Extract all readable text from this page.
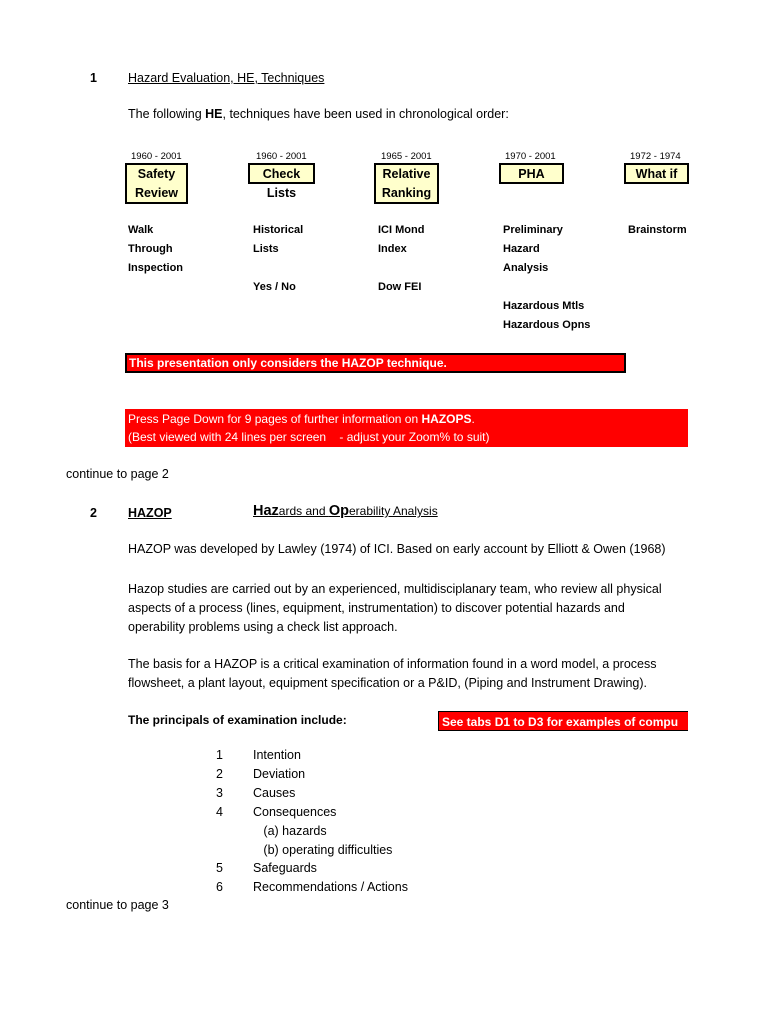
1 Hazard Evaluation, HE, Techniques
The following HE, techniques have been used in chronological order:
1960 - 2001
Safety
Review
1960 - 2001
Check Lists
1965 - 2001
Relative
Ranking
1970 - 2001
PHA
1972 - 1974
What if
Walk
Through
Inspection
Historical
Lists
Yes / No
ICI Mond
Index
Dow FEI
Preliminary
Hazard
Analysis
Hazardous Mtls
Hazardous Opns
Brainstorm
This presentation only considers the HAZOP technique.
Press Page Down for 9 pages of further information on HAZOPS.
(Best viewed with 24 lines per screen    - adjust your Zoom% to suit)
continue to page 2
2 HAZOP	Hazards and Operability Analysis
HAZOP was developed by Lawley (1974) of ICI. Based on early account by Elliott & Owen (1968)
Hazop studies are carried out by an experienced, multidisciplanary team, who review all physical
aspects of a process (lines, equipment, instrumentation) to discover potential hazards and
operability problems using a check list approach.
The basis for a HAZOP is a critical examination of information found in a word model, a process
flowsheet, a plant layout, equipment specification or a P&ID, (Piping and Instrument Drawing).
The principals of examination include:	See tabs D1 to D3 for examples of compu
1 Intention
2 Deviation
3 Causes
4 Consequences
(a) hazards
(b) operating difficulties
5 Safeguards
6 Recommendations / Actions
continue to page 3
